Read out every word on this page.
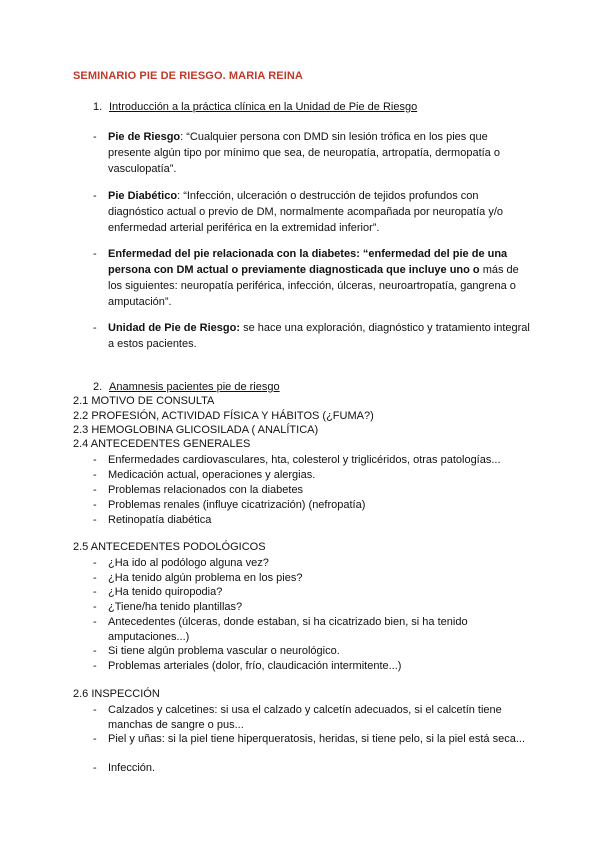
SEMINARIO PIE DE RIESGO. MARIA REINA
1. Introducción a la práctica clínica en la Unidad de Pie de Riesgo
- Pie de Riesgo: “Cualquier persona con DMD sin lesión trófica en los pies que presente algún tipo por mínimo que sea, de neuropatía, artropatía, dermopatía o vasculopatía”.
- Pie Diabético: “Infección, ulceración o destrucción de tejidos profundos con diagnóstico actual o previo de DM, normalmente acompañada por neuropatía y/o enfermedad arterial periférica en la extremidad inferior”.
- Enfermedad del pie relacionada con la diabetes: “enfermedad del pie de una persona con DM actual o previamente diagnosticada que incluye uno o más de los siguientes: neuropatía periférica, infección, úlceras, neuroartropatía, gangrena o amputación”.
- Unidad de Pie de Riesgo: se hace una exploración, diagnóstico y tratamiento integral a estos pacientes.
2. Anamnesis pacientes pie de riesgo
2.1 MOTIVO DE CONSULTA
2.2 PROFESIÓN, ACTIVIDAD FÍSICA Y HÁBITOS (¿FUMA?)
2.3 HEMOGLOBINA GLICOSILADA ( ANALÍTICA)
2.4 ANTECEDENTES GENERALES
- Enfermedades cardiovasculares, hta, colesterol y triglicéridos, otras patologías...
- Medicación actual, operaciones y alergias.
- Problemas relacionados con la diabetes
- Problemas renales (influye cicatrización) (nefropatía)
- Retinopatía diabética
2.5 ANTECEDENTES PODOLÓGICOS
- ¿Ha ido al podólogo alguna vez?
- ¿Ha tenido algún problema en los pies?
- ¿Ha tenido quiropodia?
- ¿Tiene/ha tenido plantillas?
- Antecedentes (úlceras, donde estaban, si ha cicatrizado bien, si ha tenido amputaciones...)
- Si tiene algún problema vascular o neurológico.
- Problemas arteriales (dolor, frío, claudicación intermitente...)
2.6 INSPECCIÓN
- Calzados y calcetines: si usa el calzado y calcetín adecuados, si el calcetín tiene manchas de sangre o pus...
- Piel y uñas: si la piel tiene hiperqueratosis, heridas, si tiene pelo, si la piel está seca...
- Infección.
